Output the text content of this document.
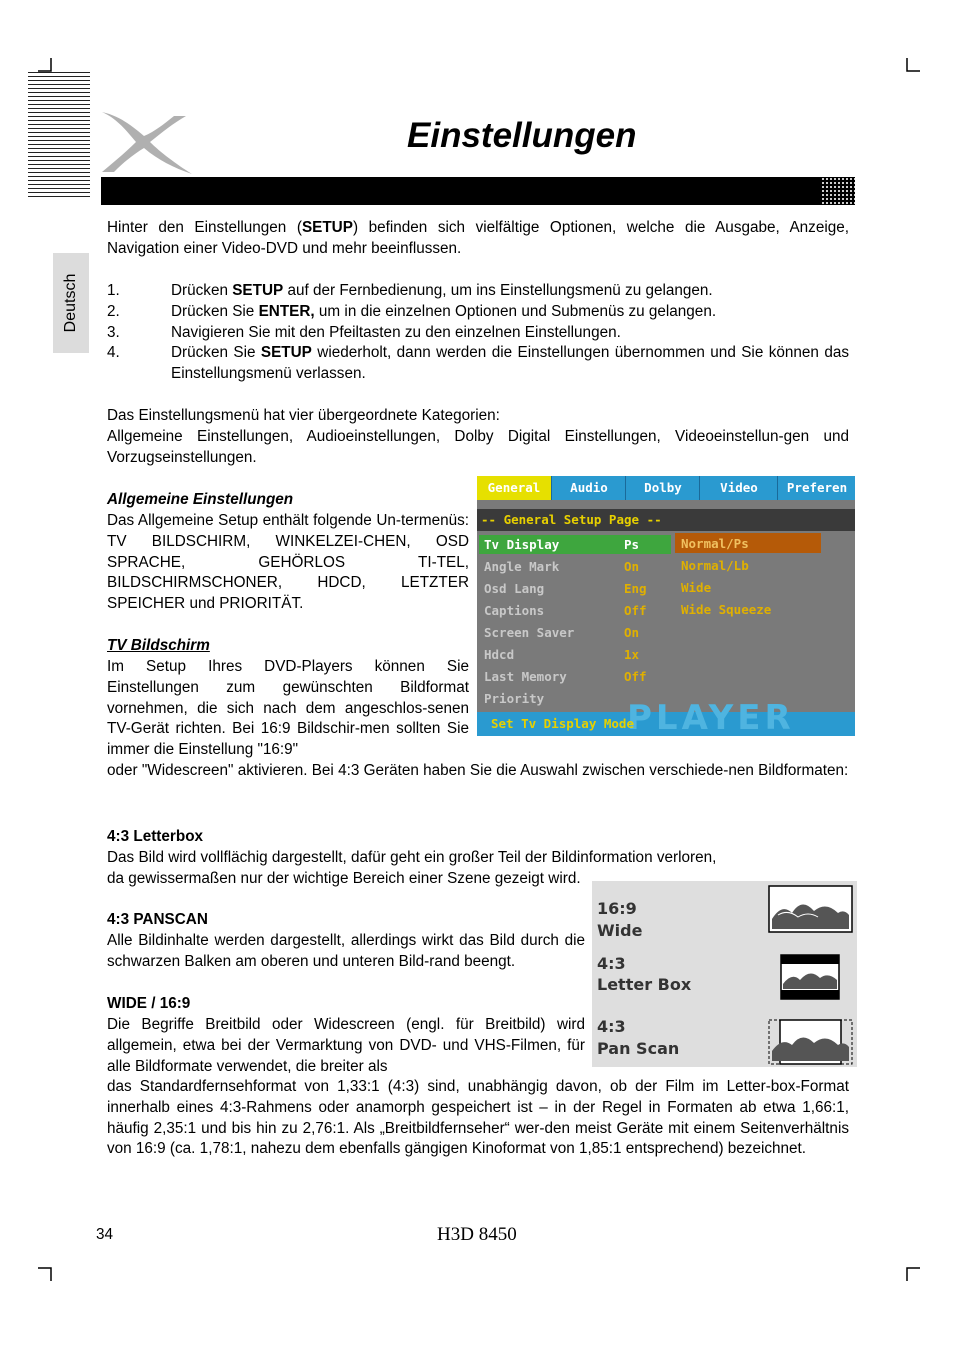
Einstellungen
Deutsch

Hinter den Einstellungen (SETUP) befinden sich vielfältige Optionen, welche die Ausgabe, Anzeige, Navigation einer Video-DVD und mehr beeinflussen.

1.	Drücken SETUP auf der Fernbedienung, um ins Einstellungsmenü zu gelangen.

2.	Drücken Sie ENTER, um in die einzelnen Optionen und Submenüs zu gelangen.

3.	Navigieren Sie mit den Pfeiltasten zu den einzelnen Einstellungen.

4.	Drücken Sie SETUP wiederholt, dann werden die Einstellungen übernommen und Sie können das Einstellungsmenü verlassen.

Das Einstellungsmenü hat vier übergeordnete Kategorien:

Allgemeine Einstellungen, Audioeinstellungen, Dolby Digital Einstellungen, Videoeinstellun-gen und Vorzugseinstellungen.

Allgemeine Einstellungen

Das Allgemeine Setup enthält folgende Un-termenüs: TV BILDSCHIRM, WINKELZEI-CHEN, OSD SPRACHE, GEHÖRLOS TI-TEL, BILDSCHIRMSCHONER, HDCD, LETZTER SPEICHER und PRIORITÄT.

TV Bildschirm

Im Setup Ihres DVD-Players können Sie Einstellungen zum gewünschten Bildformat vornehmen, die sich nach dem angeschlos-senen TV-Gerät richten. Bei 16:9 Bildschir-men sollten Sie immer die Einstellung "16:9"

oder "Widescreen" aktivieren. Bei 4:3 Geräten haben Sie die Auswahl zwischen verschiede-nen Bildformaten:

General	Audio	Dolby	Video	Preferen
-- General Setup Page --
Tv Display	Ps
Angle Mark	On
Osd Lang	Eng
Captions	Off
Screen Saver	On
Hdcd	1x
Last Memory	Off
Priority
Normal/Ps
Normal/Lb
Wide
Wide Squeeze
PLAYER
Set Tv Display Mode

4:3 Letterbox

Das Bild wird vollflächig dargestellt, dafür geht ein großer Teil der Bildinformation verloren,

da gewissermaßen nur der wichtige Bereich einer Szene gezeigt wird.

4:3 PANSCAN

Alle Bildinhalte werden dargestellt, allerdings wirkt das Bild durch die schwarzen Balken am oberen und unteren Bild-rand beengt.

WIDE / 16:9

Die Begriffe Breitbild oder Widescreen (engl. für Breitbild) wird allgemein, etwa bei der Vermarktung von DVD- und VHS-Filmen, für alle Bildformate verwendet, die breiter als

das Standardfernsehformat von 1,33:1 (4:3) sind, unabhängig davon, ob der Film im Letter-box-Format innerhalb eines 4:3-Rahmens oder anamorph gespeichert ist – in der Regel in Formaten ab etwa 1,66:1, häufig 2,35:1 und bis hin zu 2,76:1. Als „Breitbildfernseher“ wer-den meist Geräte mit einem Seitenverhältnis von 16:9 (ca. 1,78:1, nahezu dem ebenfalls gängigen Kinoformat von 1,85:1 entsprechend) bezeichnet.

16:9
Wide
4:3
Letter Box
4:3
Pan Scan
34	H3D 8450
